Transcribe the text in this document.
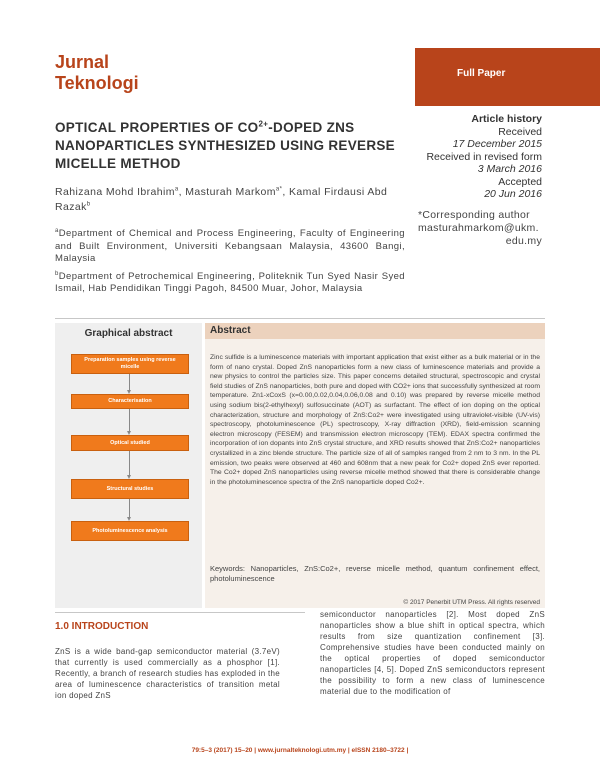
Jurnal
Teknologi	Full Paper
OPTICAL PROPERTIES OF $CO^{2+}$-DOPED ZNS NANOPARTICLES SYNTHESIZED USING REVERSE MICELLE METHOD
Article history
Received
17 December 2015
Received in revised form
3 March 2016
Accepted
20 Jun 2016
Rahizana Mohd Ibrahim$^a$, Masturah Markom$^{a*}$, Kamal Firdausi Abd Razak$^b$
*Corresponding author
masturahmarkom@ukm.
edu.my

$^a$Department of Chemical and Process Engineering, Faculty of Engineering and Built Environment, Universiti Kebangsaan Malaysia, 43600 Bangi, Malaysia

$^b$Department of Petrochemical Engineering, Politeknik Tun Syed Nasir Syed Ismail, Hab Pendidikan Tinggi Pagoh, 84500 Muar, Johor, Malaysia

Graphical abstract
Preparation samples using reverse micelle
Characterisation
Optical studied
Structural studies
Photoluminescence analysis
Abstract
Zinc sulfide is a luminescence materials with important application that exist either as a bulk material or in the form of nano crystal. Doped ZnS nanoparticles form a new class of luminescence materials and provide a new physics to control the particles size. This paper concerns detailed structural, spectroscopic and crystal field studies of ZnS nanoparticles, both pure and doped with CO2+ ions that successfully synthesized at room temperature. Zn1-xCoxS (x=0.00,0.02,0.04,0.06,0.08 and 0.10) was prepared by reverse micelle method using sodium bis(2-ethylhexyl) sulfosuccinate (AOT) as surfactant. The effect of ion doping on the optical characterization, structure and morphology of ZnS:Co2+ were investigated using ultraviolet-visible (UV-vis) spectroscopy, photoluminescence (PL) spectroscopy, X-ray diffraction (XRD), field-emission scanning electron microscopy (FESEM) and transmission electron microscopy (TEM). EDAX spectra confirmed the incorporation of ion dopants into ZnS crystal structure, and XRD results showed that ZnS:Co2+ nanoparticles crystallized in a zinc blende structure. The particle size of all of samples ranged from 2 nm to 3 nm. In the PL emission, two peaks were observed at 460 and 608nm that a new peak for Co2+ doped ZnS ever reported. The Co2+ doped ZnS nanoparticles using reverse micelle method showed that there is considerable change in the photoluminescence spectra of the ZnS nanoparticle doped Co2+.
Keywords: Nanoparticles, ZnS:Co2+, reverse micelle method, quantum confinement effect, photoluminescence
© 2017 Penerbit UTM Press. All rights reserved
1.0 INTRODUCTION
ZnS is a wide band-gap semiconductor material (3.7eV) that currently is used commercially as a phosphor [1]. Recently, a branch of research studies has exploded in the area of luminescence characteristics of transition metal ion doped ZnS
semiconductor nanoparticles [2]. Most doped ZnS nanoparticles show a blue shift in optical spectra, which results from size quantization confinement [3]. Comprehensive studies have been conducted mainly on the optical properties of doped semiconductor nanoparticles [4, 5]. Doped ZnS semiconductors represent the possibility to form a new class of luminescence material due to the modification of
79:5–3 (2017) 15–20 | www.jurnalteknologi.utm.my | eISSN 2180–3722 |
